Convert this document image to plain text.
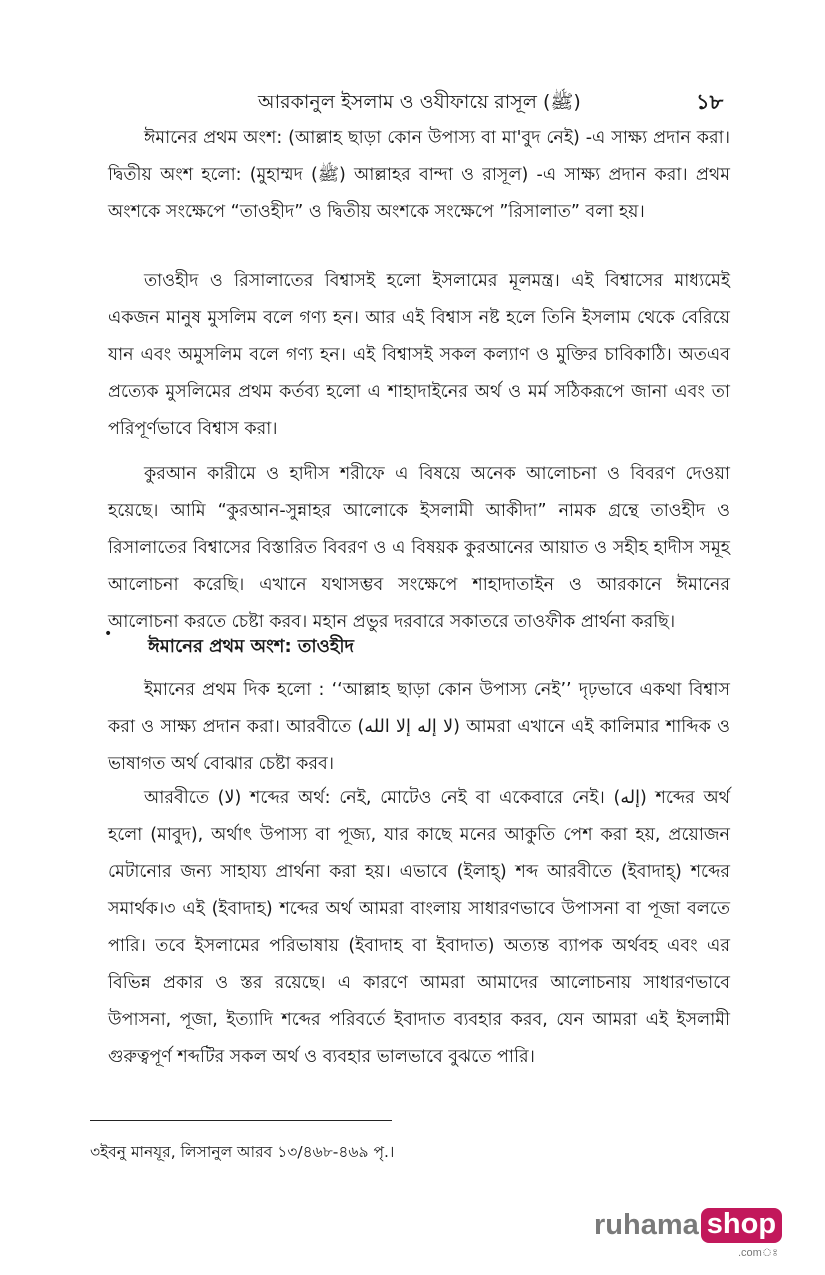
আরকানুল ইসলাম ও ওযীফায়ে রাসূল (ﷺ)	১৮

ঈমানের প্রথম অংশ: (আল্লাহ ছাড়া কোন উপাস্য বা মা'বুদ নেই) -এ সাক্ষ্য প্রদান করা। দ্বিতীয় অংশ হলো: (মুহাম্মদ (ﷺ) আল্লাহর বান্দা ও রাসূল) -এ সাক্ষ্য প্রদান করা। প্রথম অংশকে সংক্ষেপে “তাওহীদ” ও দ্বিতীয় অংশকে সংক্ষেপে ”রিসালাত” বলা হয়।

তাওহীদ ও রিসালাতের বিশ্বাসই হলো ইসলামের মূলমন্ত্র। এই বিশ্বাসের মাধ্যমেই একজন মানুষ মুসলিম বলে গণ্য হন। আর এই বিশ্বাস নষ্ট হলে তিনি ইসলাম থেকে বেরিয়ে যান এবং অমুসলিম বলে গণ্য হন। এই বিশ্বাসই সকল কল্যাণ ও মুক্তির চাবিকাঠি। অতএব প্রত্যেক মুসলিমের প্রথম কর্তব্য হলো এ শাহাদাইনের অর্থ ও মর্ম সঠিকরূপে জানা এবং তা পরিপূর্ণভাবে বিশ্বাস করা।

কুরআন কারীমে ও হাদীস শরীফে এ বিষয়ে অনেক আলোচনা ও বিবরণ দেওয়া হয়েছে। আমি “কুরআন-সুন্নাহর আলোকে ইসলামী আকীদা” নামক গ্রন্থে তাওহীদ ও রিসালাতের বিশ্বাসের বিস্তারিত বিবরণ ও এ বিষয়ক কুরআনের আয়াত ও সহীহ হাদীস সমূহ আলোচনা করেছি। এখানে যথাসম্ভব সংক্ষেপে শাহাদাতাইন ও আরকানে ঈমানের আলোচনা করতে চেষ্টা করব। মহান প্রভুর দরবারে সকাতরে তাওফীক প্রার্থনা করছি।

•
ঈমানের প্রথম অংশ: তাওহীদ

ইমানের প্রথম দিক হলো : ‘‘আল্লাহ ছাড়া কোন উপাস্য নেই’’ দৃঢ়ভাবে একথা বিশ্বাস করা ও সাক্ষ্য প্রদান করা। আরবীতে (لا إله إلا الله) আমরা এখানে এই কালিমার শাব্দিক ও ভাষাগত অর্থ বোঝার চেষ্টা করব।

আরবীতে (لا) শব্দের অর্থ: নেই, মোটেও নেই বা একেবারে নেই। (إله) শব্দের অর্থ হলো (মাবুদ), অর্থাৎ উপাস্য বা পূজ্য, যার কাছে মনের আকুতি পেশ করা হয়, প্রয়োজন মেটানোর জন্য সাহায্য প্রার্থনা করা হয়। এভাবে (ইলাহ্) শব্দ আরবীতে (ইবাদাহ্) শব্দের সমার্থক।৩ এই (ইবাদাহ) শব্দের অর্থ আমরা বাংলায় সাধারণভাবে উপাসনা বা পূজা বলতে পারি। তবে ইসলামের পরিভাষায় (ইবাদাহ বা ইবাদাত) অত্যন্ত ব্যাপক অর্থবহ এবং এর বিভিন্ন প্রকার ও স্তর রয়েছে। এ কারণে আমরা আমাদের আলোচনায় সাধারণভাবে উপাসনা, পূজা, ইত্যাদি শব্দের পরিবর্তে ইবাদাত ব্যবহার করব, যেন আমরা এই ইসলামী গুরুত্বপূর্ণ শব্দটির সকল অর্থ ও ব্যবহার ভালভাবে বুঝতে পারি।

৩ইবনু মানযূর, লিসানুল আরব ১৩/৪৬৮-৪৬৯ পৃ.।
ruhama shop
.comঃ
